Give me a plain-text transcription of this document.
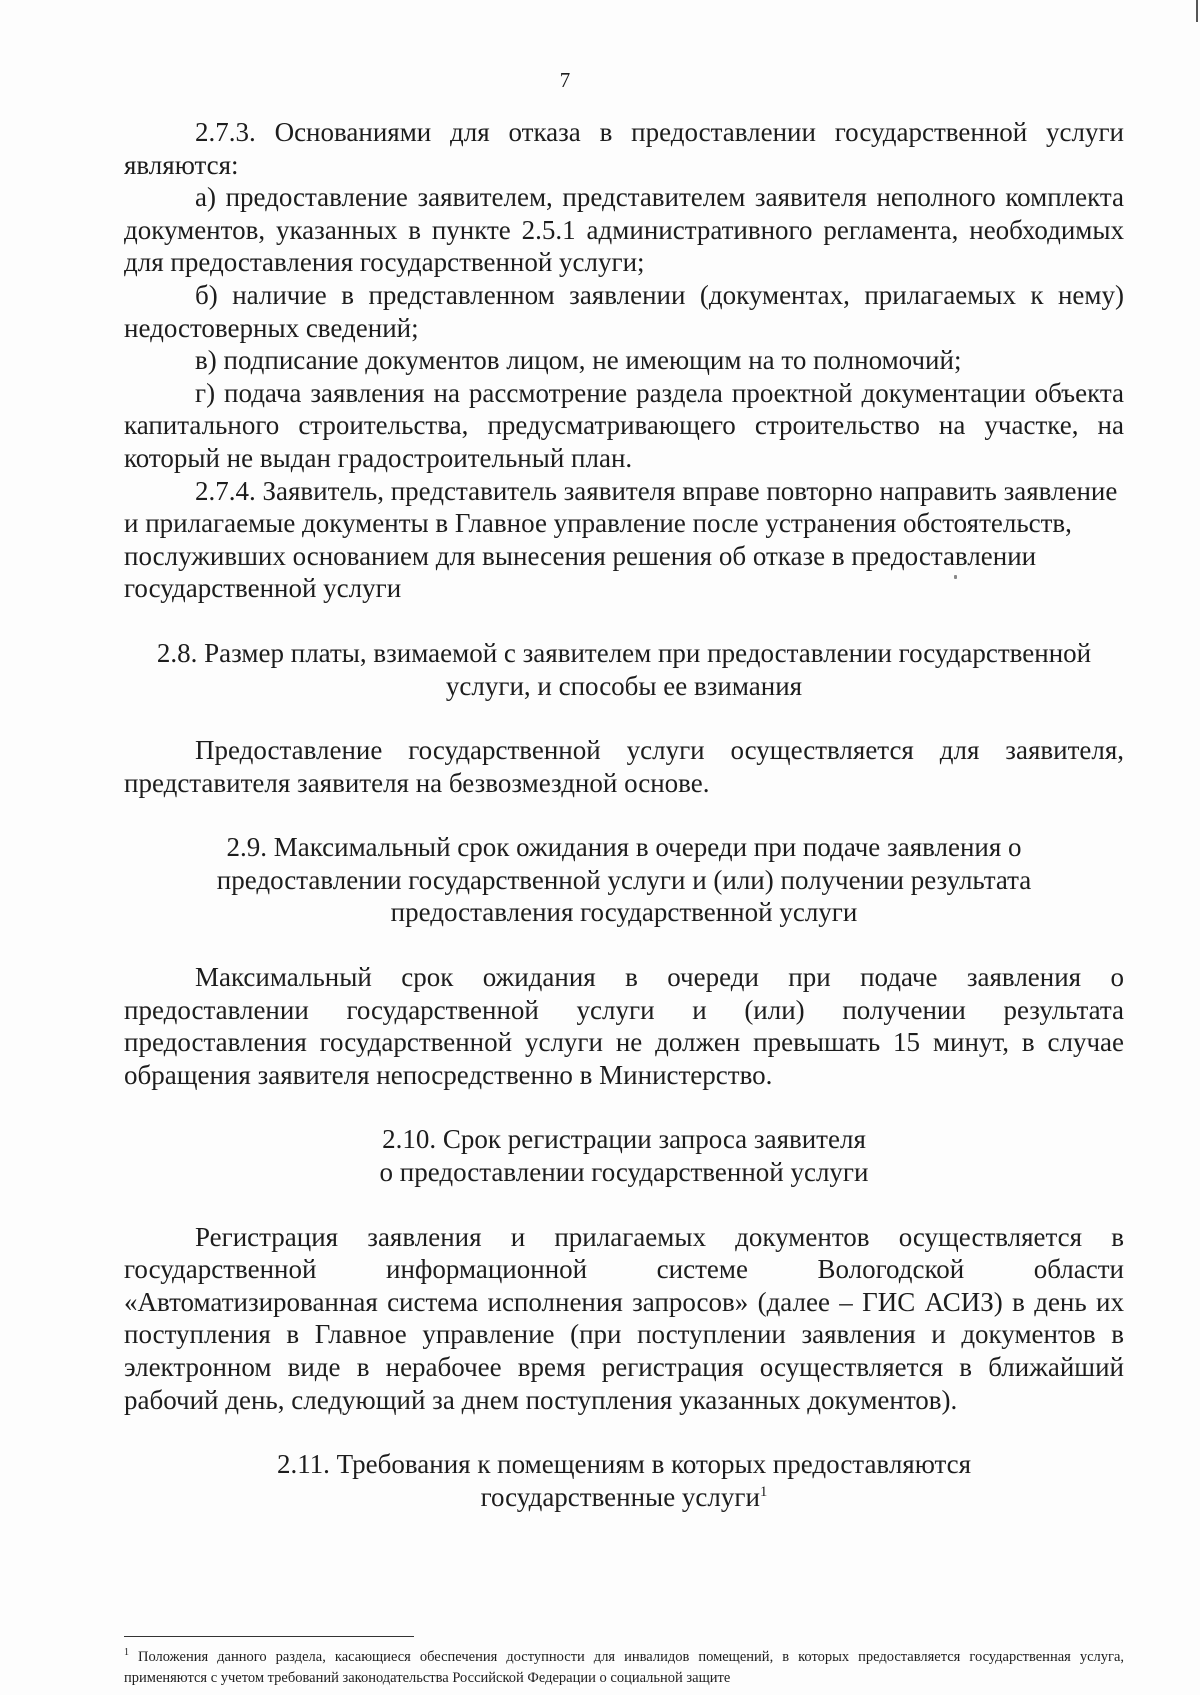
7

2.7.3. Основаниями для отказа в предоставлении государственной услуги являются:

а) предоставление заявителем, представителем заявителя неполного комплекта документов, указанных в пункте 2.5.1 административного регламента, необходимых для предоставления государственной услуги;

б) наличие в представленном заявлении (документах, прилагаемых к нему) недостоверных сведений;

в) подписание документов лицом, не имеющим на то полномочий;

г) подача заявления на рассмотрение раздела проектной документации объекта капитального строительства, предусматривающего строительство на участке, на который не выдан градостроительный план.

2.7.4. Заявитель, представитель заявителя вправе повторно направить заявление и прилагаемые документы в Главное управление после устранения обстоятельств, послуживших основанием для вынесения решения об отказе в предоставлении государственной услуги

2.8. Размер платы, взимаемой с заявителем при предоставлении государственной
услуги, и способы ее взимания

Предоставление государственной услуги осуществляется для заявителя, представителя заявителя на безвозмездной основе.

2.9. Максимальный срок ожидания в очереди при подаче заявления о
предоставлении государственной услуги и (или) получении результата
предоставления государственной услуги

Максимальный срок ожидания в очереди при подаче заявления о предоставлении государственной услуги и (или) получении результата предоставления государственной услуги не должен превышать 15 минут, в случае обращения заявителя непосредственно в Министерство.

2.10. Срок регистрации запроса заявителя
о предоставлении государственной услуги

Регистрация заявления и прилагаемых документов осуществляется в государственной информационной системе Вологодской области «Автоматизированная система исполнения запросов» (далее – ГИС АСИЗ) в день их поступления в Главное управление (при поступлении заявления и документов в электронном виде в нерабочее время регистрация осуществляется в ближайший рабочий день, следующий за днем поступления указанных документов).

2.11. Требования к помещениям в которых предоставляются
государственные услуги$^1$
$^1$ Положения данного раздела, касающиеся обеспечения доступности для инвалидов помещений, в которых предоставляется государственная услуга, применяются с учетом требований законодательства Российской Федерации о социальной защите
